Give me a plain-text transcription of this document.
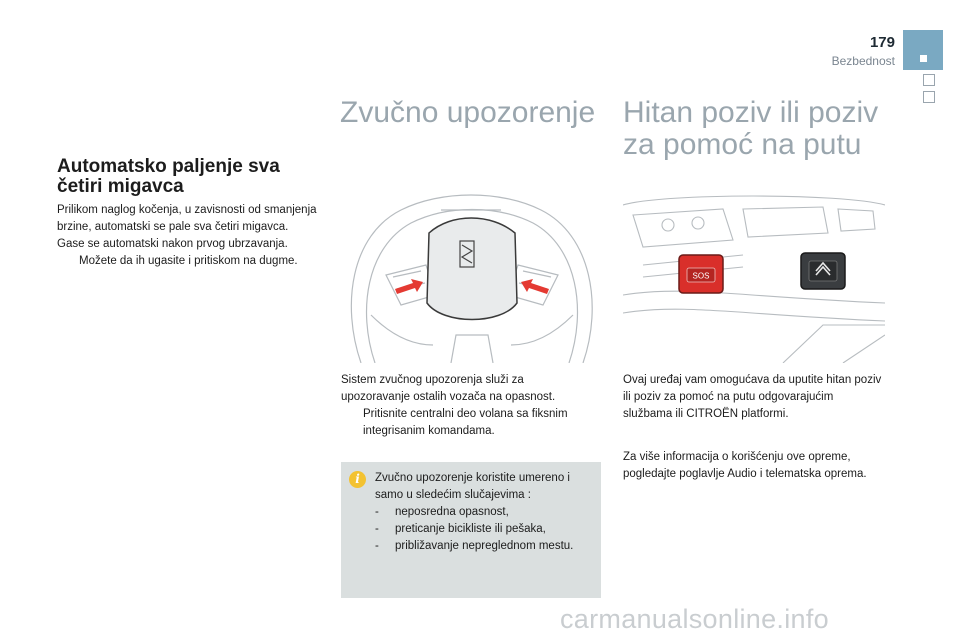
179
Bezbednost
Automatsko paljenje sva četiri migavca

Prilikom naglog kočenja, u zavisnosti od smanjenja brzine, automatski se pale sva četiri migavca.

Gase se automatski nakon prvog ubrzavanja.

Možete da ih ugasite i pritiskom na dugme.
Zvučno upozorenje

Sistem zvučnog upozorenja služi za upozoravanje ostalih vozača na opasnost.

Pritisnite centralni deo volana sa fiksnim integrisanim komandama.
i	Zvučno upozorenje koristite umereno i samo u sledećim slučajevima :
-	neposredna opasnost,
-	preticanje bicikliste ili pešaka,
-	približavanje nepreglednom mestu.
Hitan poziv ili poziv
za pomoć na putu
SOS

Ovaj uređaj vam omogućava da uputite hitan poziv ili poziv za pomoć na putu odgovarajućim službama ili CITROËN platformi.

Za više informacija o korišćenju ove opreme, pogledajte poglavlje Audio i telematska oprema.

carmanualsonline.info
